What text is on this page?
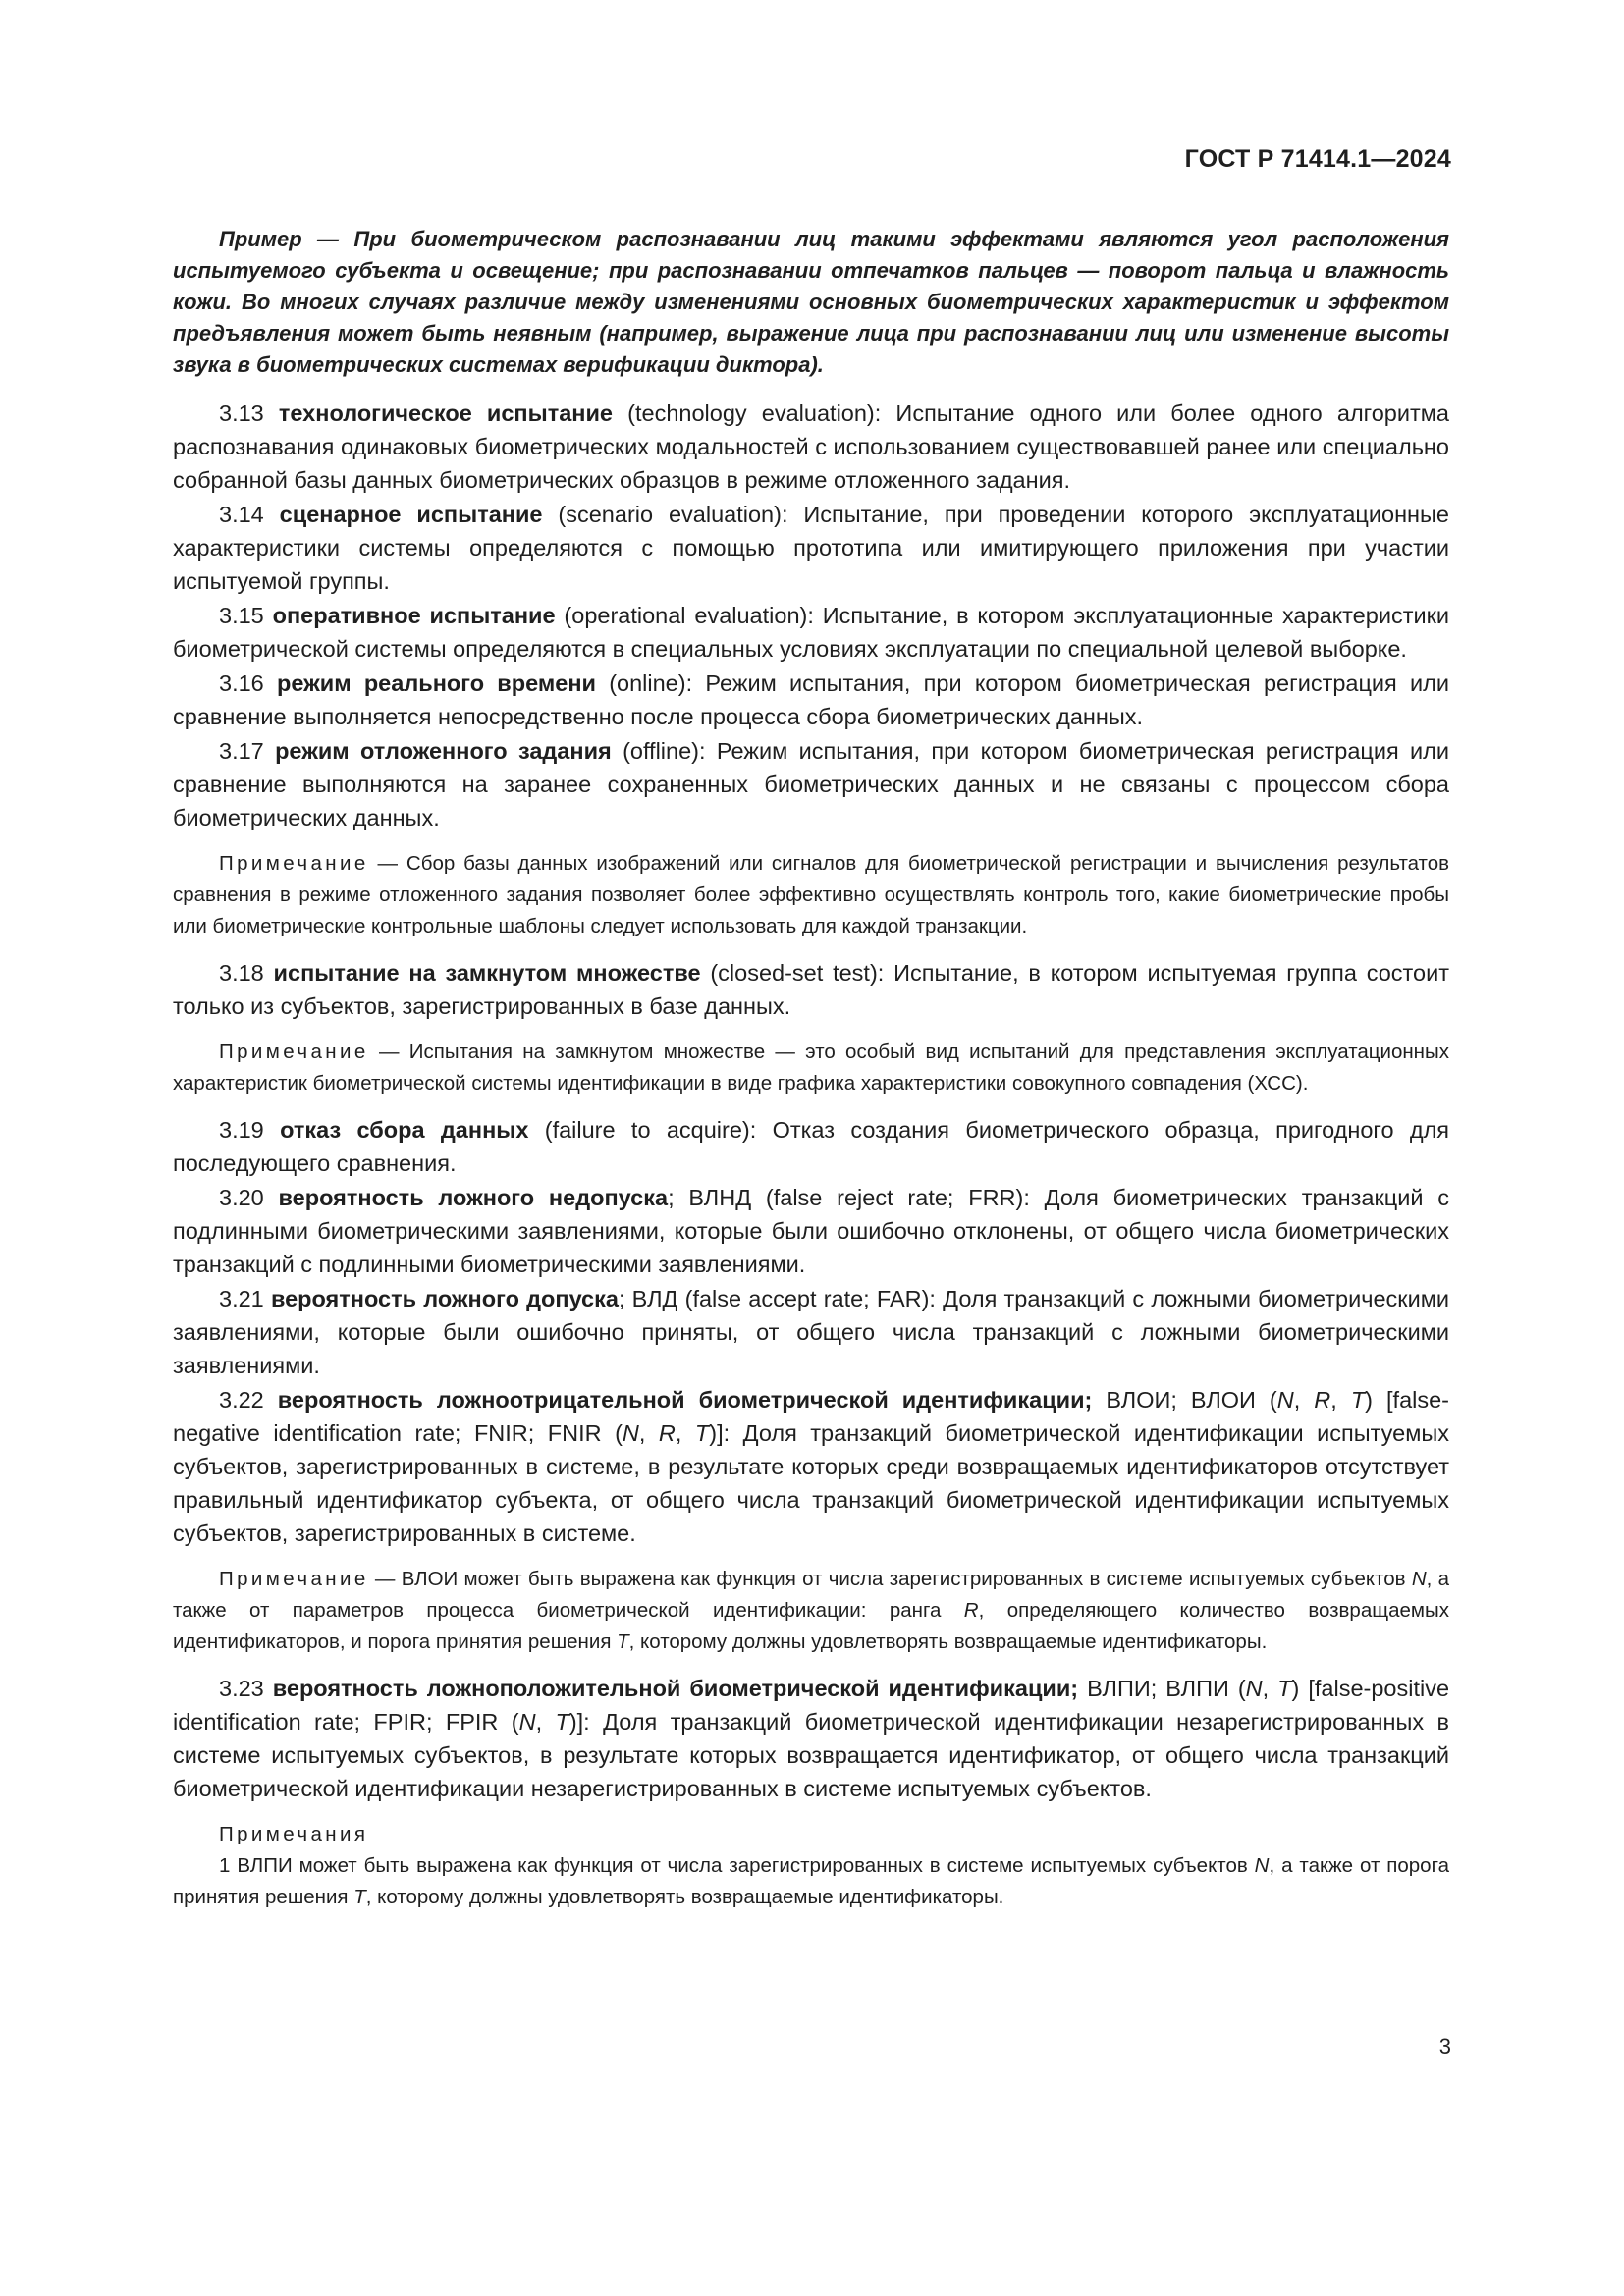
ГОСТ Р 71414.1—2024

Пример — При биометрическом распознавании лиц такими эффектами являются угол расположения испытуемого субъекта и освещение; при распознавании отпечатков пальцев — поворот пальца и влажность кожи. Во многих случаях различие между изменениями основных биометрических характеристик и эффектом предъявления может быть неявным (например, выражение лица при распознавании лиц или изменение высоты звука в биометрических системах верификации диктора).

3.13 технологическое испытание (technology evaluation): Испытание одного или более одного алгоритма распознавания одинаковых биометрических модальностей с использованием существовавшей ранее или специально собранной базы данных биометрических образцов в режиме отложенного задания.

3.14 сценарное испытание (scenario evaluation): Испытание, при проведении которого эксплуатационные характеристики системы определяются с помощью прототипа или имитирующего приложения при участии испытуемой группы.

3.15 оперативное испытание (operational evaluation): Испытание, в котором эксплуатационные характеристики биометрической системы определяются в специальных условиях эксплуатации по специальной целевой выборке.

3.16 режим реального времени (online): Режим испытания, при котором биометрическая регистрация или сравнение выполняется непосредственно после процесса сбора биометрических данных.

3.17 режим отложенного задания (offline): Режим испытания, при котором биометрическая регистрация или сравнение выполняются на заранее сохраненных биометрических данных и не связаны с процессом сбора биометрических данных.

Примечание — Сбор базы данных изображений или сигналов для биометрической регистрации и вычисления результатов сравнения в режиме отложенного задания позволяет более эффективно осуществлять контроль того, какие биометрические пробы или биометрические контрольные шаблоны следует использовать для каждой транзакции.

3.18 испытание на замкнутом множестве (closed-set test): Испытание, в котором испытуемая группа состоит только из субъектов, зарегистрированных в базе данных.

Примечание — Испытания на замкнутом множестве — это особый вид испытаний для представления эксплуатационных характеристик биометрической системы идентификации в виде графика характеристики совокупного совпадения (ХСС).

3.19 отказ сбора данных (failure to acquire): Отказ создания биометрического образца, пригодного для последующего сравнения.

3.20 вероятность ложного недопуска; ВЛНД (false reject rate; FRR): Доля биометрических транзакций с подлинными биометрическими заявлениями, которые были ошибочно отклонены, от общего числа биометрических транзакций с подлинными биометрическими заявлениями.

3.21 вероятность ложного допуска; ВЛД (false accept rate; FAR): Доля транзакций с ложными биометрическими заявлениями, которые были ошибочно приняты, от общего числа транзакций с ложными биометрическими заявлениями.

3.22 вероятность ложноотрицательной биометрической идентификации; ВЛОИ; ВЛОИ (N, R, T) [false-negative identification rate; FNIR; FNIR (N, R, T)]: Доля транзакций биометрической идентификации испытуемых субъектов, зарегистрированных в системе, в результате которых среди возвращаемых идентификаторов отсутствует правильный идентификатор субъекта, от общего числа транзакций биометрической идентификации испытуемых субъектов, зарегистрированных в системе.

Примечание — ВЛОИ может быть выражена как функция от числа зарегистрированных в системе испытуемых субъектов N, а также от параметров процесса биометрической идентификации: ранга R, определяющего количество возвращаемых идентификаторов, и порога принятия решения T, которому должны удовлетворять возвращаемые идентификаторы.

3.23 вероятность ложноположительной биометрической идентификации; ВЛПИ; ВЛПИ (N, T) [false-positive identification rate; FPIR; FPIR (N, T)]: Доля транзакций биометрической идентификации незарегистрированных в системе испытуемых субъектов, в результате которых возвращается идентификатор, от общего числа транзакций биометрической идентификации незарегистрированных в системе испытуемых субъектов.

Примечания

1 ВЛПИ может быть выражена как функция от числа зарегистрированных в системе испытуемых субъектов N, а также от порога принятия решения T, которому должны удовлетворять возвращаемые идентификаторы.

3
